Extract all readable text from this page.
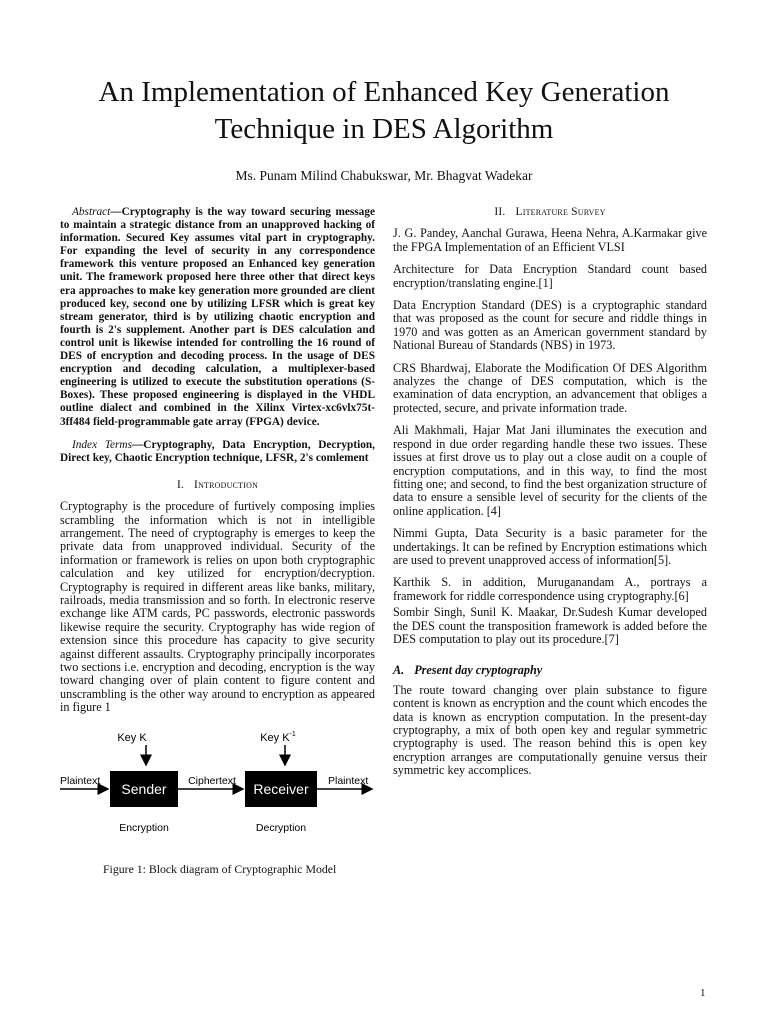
An Implementation of Enhanced Key Generation Technique in DES Algorithm

Ms. Punam Milind Chabukswar, Mr. Bhagvat Wadekar

Abstract—Cryptography is the way toward securing message to maintain a strategic distance from an unapproved hacking of information. Secured Key assumes vital part in cryptography. For expanding the level of security in any correspondence framework this venture proposed an Enhanced key generation unit. The framework proposed here three other that direct keys era approaches to make key generation more grounded are client produced key, second one by utilizing LFSR which is great key stream generator, third is by utilizing chaotic encryption and fourth is 2's supplement. Another part is DES calculation and control unit is likewise intended for controlling the 16 round of DES of encryption and decoding process. In the usage of DES encryption and decoding calculation, a multiplexer-based engineering is utilized to execute the substitution operations (S-Boxes). These proposed engineering is displayed in the VHDL outline dialect and combined in the Xilinx Virtex-xc6vlx75t-3ff484 field-programmable gate array (FPGA) device.

Index Terms—Cryptography, Data Encryption, Decryption, Direct key, Chaotic Encryption technique, LFSR, 2's comlement

I. Introduction

Cryptography is the procedure of furtively composing implies scrambling the information which is not in intelligible arrangement. The need of cryptography is emerges to keep the private data from unapproved individual. Security of the information or framework is relies on upon both cryptographic calculation and key utilized for encryption/decryption. Cryptography is required in different areas like banks, military, railroads, media transmission and so forth. In electronic reserve exchange like ATM cards, PC passwords, electronic passwords likewise require the security. Cryptography has wide region of extension since this procedure has capacity to give security against different assaults. Cryptography principally incorporates two sections i.e. encryption and decoding, encryption is the way toward changing over of plain content to figure content and unscrambling is the other way around to encryption as appeared in figure 1

Key K	Key $K^{-1}$
Plaintext Sender Ciphertext Receiver Plaintext
Encryption	Decryption

Figure 1: Block diagram of Cryptographic Model

II. Literature Survey

J. G. Pandey, Aanchal Gurawa, Heena Nehra, A.Karmakar give the FPGA Implementation of an Efficient VLSI

Architecture for Data Encryption Standard count based encryption/translating engine.[1]

Data Encryption Standard (DES) is a cryptographic standard that was proposed as the count for secure and riddle things in 1970 and was gotten as an American government standard by National Bureau of Standards (NBS) in 1973.

CRS Bhardwaj, Elaborate the Modification Of DES Algorithm analyzes the change of DES computation, which is the examination of data encryption, an advancement that obliges a protected, secure, and private information trade.

Ali Makhmali, Hajar Mat Jani illuminates the execution and respond in due order regarding handle these two issues. These issues at first drove us to play out a close audit on a couple of encryption computations, and in this way, to find the most fitting one; and second, to find the best organization structure of data to ensure a sensible level of security for the clients of the online application. [4]

Nimmi Gupta, Data Security is a basic parameter for the undertakings. It can be refined by Encryption estimations which are used to prevent unapproved access of information[5].

Karthik S. in addition, Muruganandam A., portrays a framework for riddle correspondence using cryptography.[6]

Sombir Singh, Sunil K. Maakar, Dr.Sudesh Kumar developed the DES count the transposition framework is added before the DES computation to play out its procedure.[7]

A. Present day cryptography

The route toward changing over plain substance to figure content is known as encryption and the count which encodes the data is known as encryption computation. In the present-day cryptography, a mix of both open key and regular symmetric cryptography is used. The reason behind this is open key encryption arranges are computationally genuine versus their symmetric key accomplices.

1
